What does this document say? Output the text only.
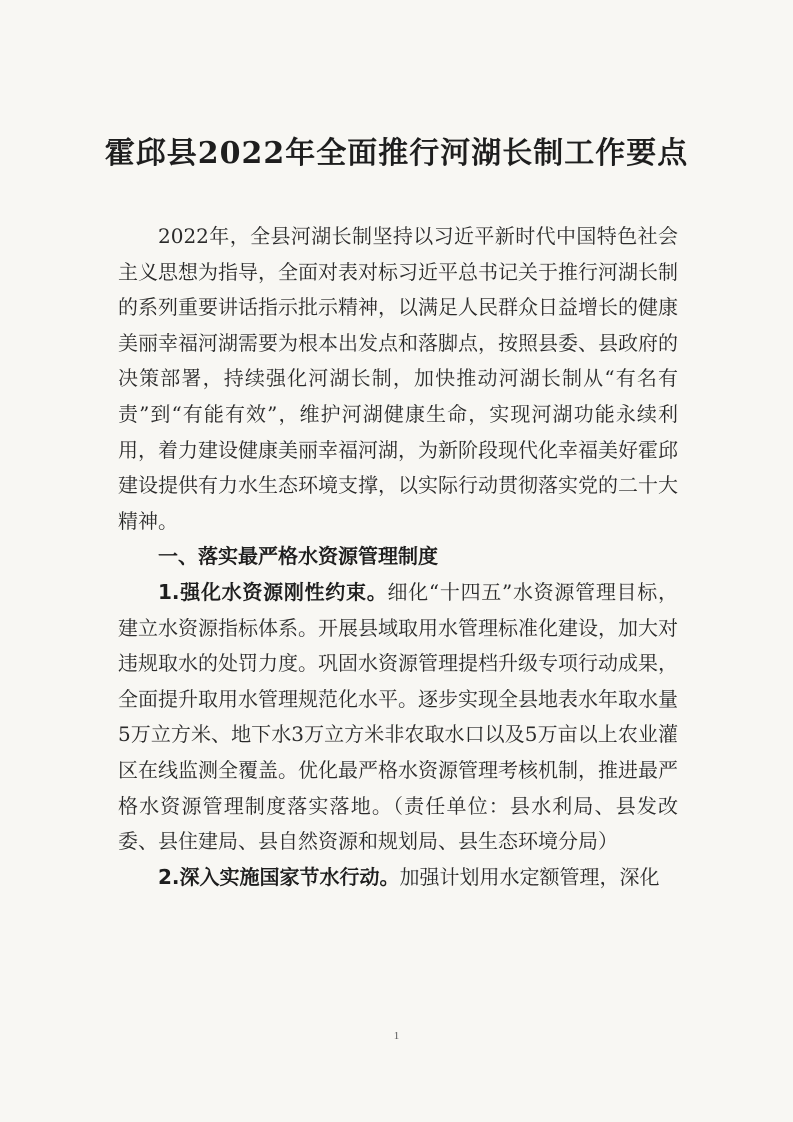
霍邱县2022年全面推行河湖长制工作要点

2022年，全县河湖长制坚持以习近平新时代中国特色社会主义思想为指导，全面对表对标习近平总书记关于推行河湖长制的系列重要讲话指示批示精神，以满足人民群众日益增长的健康美丽幸福河湖需要为根本出发点和落脚点，按照县委、县政府的决策部署，持续强化河湖长制，加快推动河湖长制从“有名有责”到“有能有效”，维护河湖健康生命，实现河湖功能永续利用，着力建设健康美丽幸福河湖，为新阶段现代化幸福美好霍邱建设提供有力水生态环境支撑，以实际行动贯彻落实党的二十大精神。

一、落实最严格水资源管理制度

1.强化水资源刚性约束。细化“十四五”水资源管理目标，建立水资源指标体系。开展县域取用水管理标准化建设，加大对违规取水的处罚力度。巩固水资源管理提档升级专项行动成果，全面提升取用水管理规范化水平。逐步实现全县地表水年取水量5万立方米、地下水3万立方米非农取水口以及5万亩以上农业灌区在线监测全覆盖。优化最严格水资源管理考核机制，推进最严格水资源管理制度落实落地。（责任单位：县水利局、县发改委、县住建局、县自然资源和规划局、县生态环境分局）

2.深入实施国家节水行动。加强计划用水定额管理，深化

1
